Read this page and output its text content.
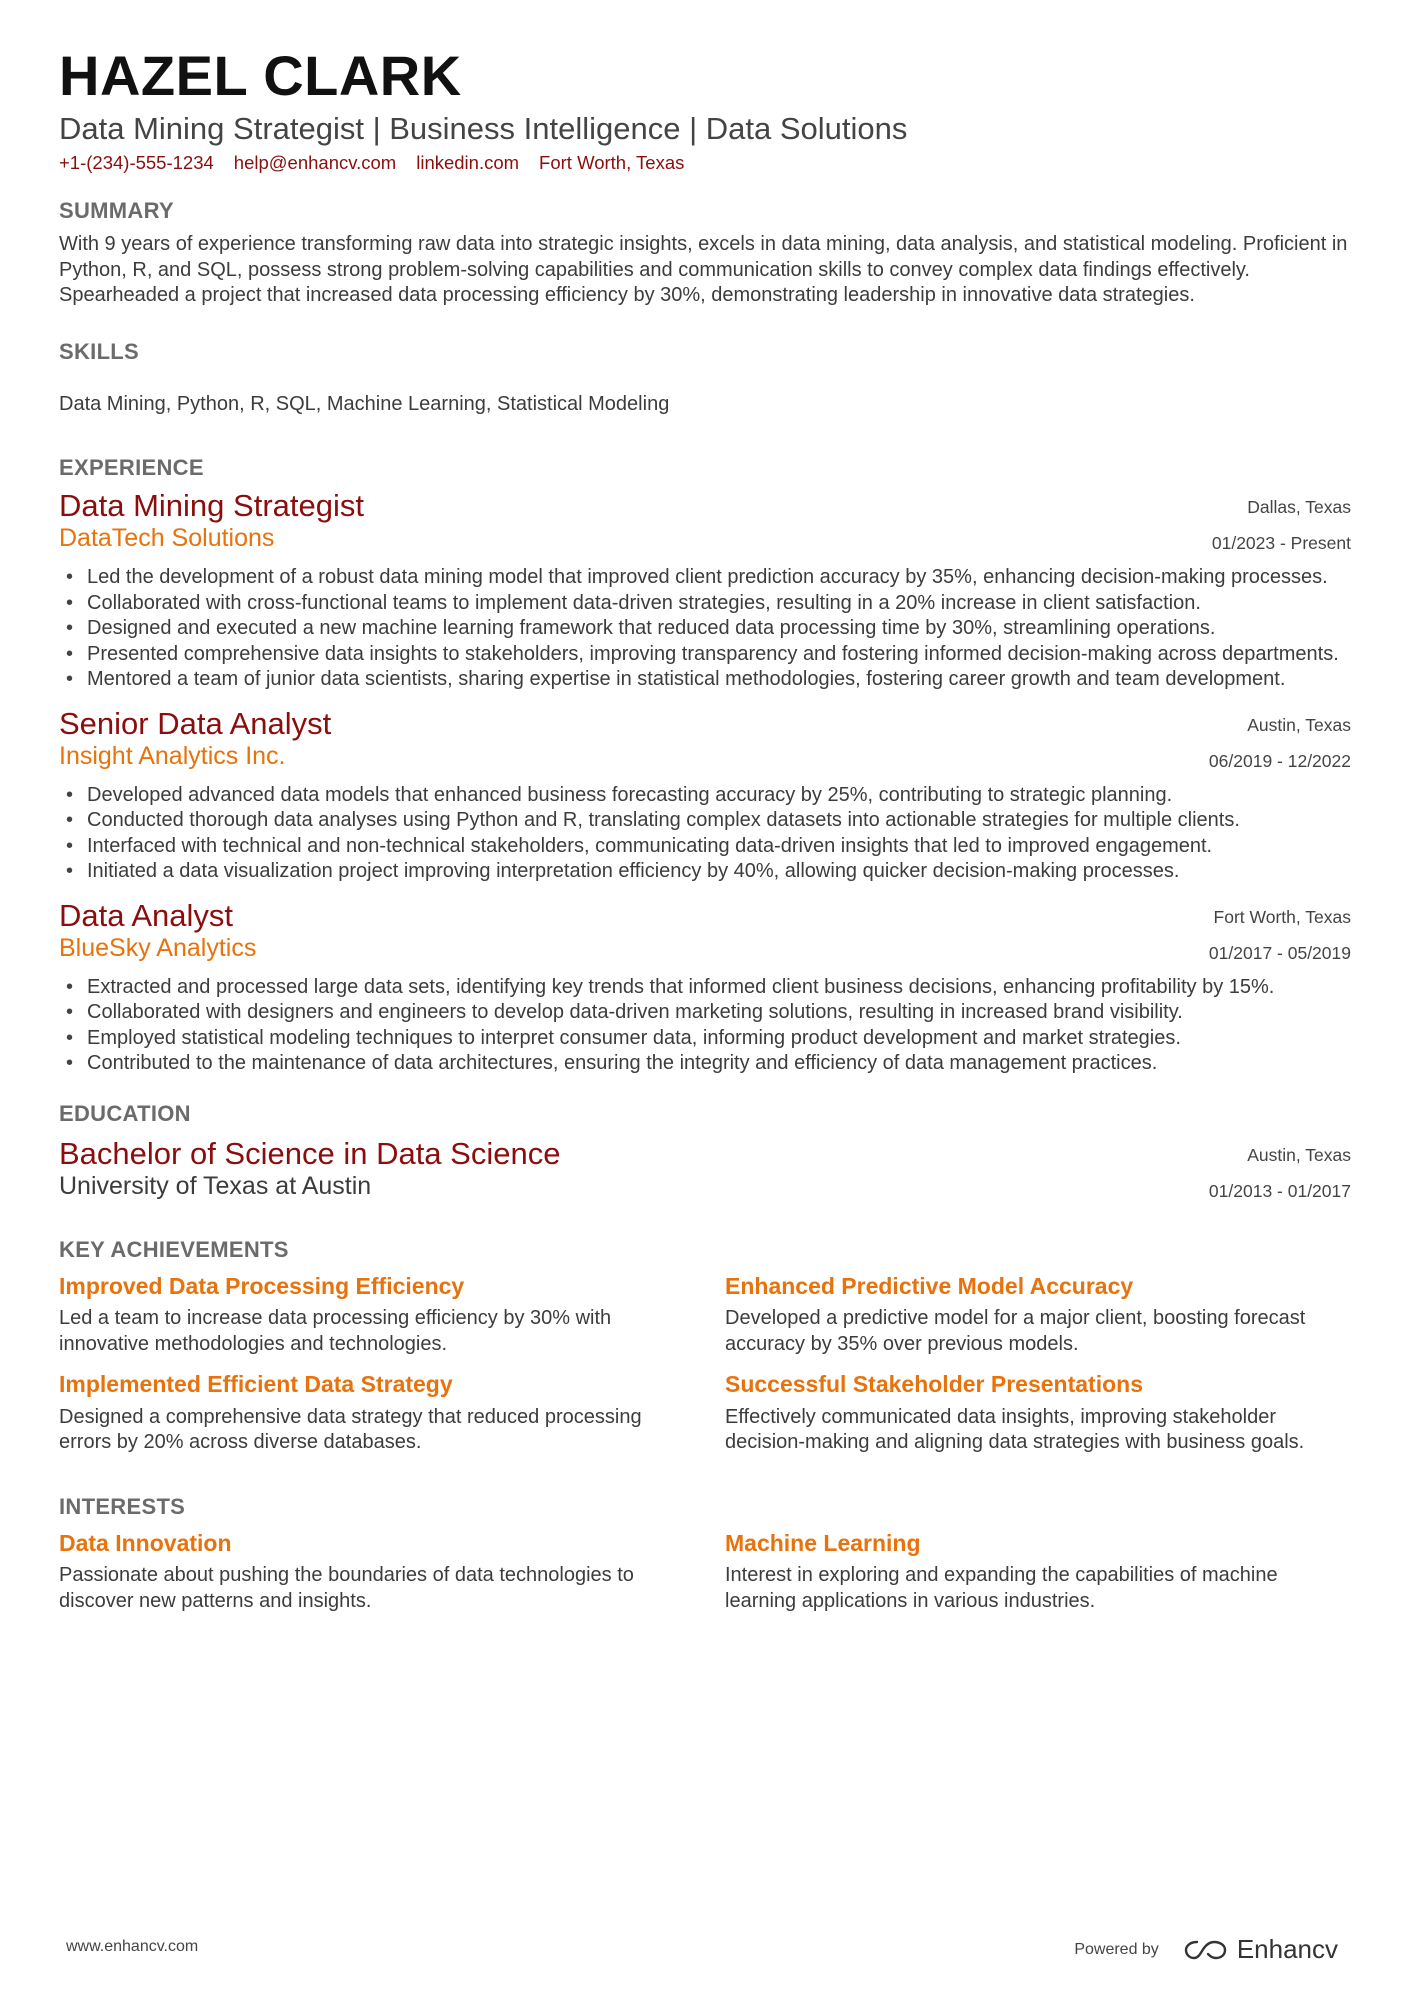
HAZEL CLARK
Data Mining Strategist | Business Intelligence | Data Solutions
+1-(234)-555-1234 help@enhancv.com linkedin.com Fort Worth, Texas
SUMMARY
With 9 years of experience transforming raw data into strategic insights, excels in data mining, data analysis, and statistical modeling. Proficient in Python, R, and SQL, possess strong problem-solving capabilities and communication skills to convey complex data findings effectively. Spearheaded a project that increased data processing efficiency by 30%, demonstrating leadership in innovative data strategies.
SKILLS
Data Mining, Python, R, SQL, Machine Learning, Statistical Modeling
EXPERIENCE
Data Mining Strategist
DataTech Solutions
Dallas, Texas
01/2023 - Present
• Led the development of a robust data mining model that improved client prediction accuracy by 35%, enhancing decision-making processes.
• Collaborated with cross-functional teams to implement data-driven strategies, resulting in a 20% increase in client satisfaction.
• Designed and executed a new machine learning framework that reduced data processing time by 30%, streamlining operations.
• Presented comprehensive data insights to stakeholders, improving transparency and fostering informed decision-making across departments.
• Mentored a team of junior data scientists, sharing expertise in statistical methodologies, fostering career growth and team development.
Senior Data Analyst
Insight Analytics Inc.
Austin, Texas
06/2019 - 12/2022
• Developed advanced data models that enhanced business forecasting accuracy by 25%, contributing to strategic planning.
• Conducted thorough data analyses using Python and R, translating complex datasets into actionable strategies for multiple clients.
• Interfaced with technical and non-technical stakeholders, communicating data-driven insights that led to improved engagement.
• Initiated a data visualization project improving interpretation efficiency by 40%, allowing quicker decision-making processes.
Data Analyst
BlueSky Analytics
Fort Worth, Texas
01/2017 - 05/2019
• Extracted and processed large data sets, identifying key trends that informed client business decisions, enhancing profitability by 15%.
• Collaborated with designers and engineers to develop data-driven marketing solutions, resulting in increased brand visibility.
• Employed statistical modeling techniques to interpret consumer data, informing product development and market strategies.
• Contributed to the maintenance of data architectures, ensuring the integrity and efficiency of data management practices.
EDUCATION
Bachelor of Science in Data Science
University of Texas at Austin
Austin, Texas
01/2013 - 01/2017
KEY ACHIEVEMENTS
Improved Data Processing Efficiency
Led a team to increase data processing efficiency by 30% with innovative methodologies and technologies.
Enhanced Predictive Model Accuracy
Developed a predictive model for a major client, boosting forecast accuracy by 35% over previous models.
Implemented Efficient Data Strategy
Designed a comprehensive data strategy that reduced processing errors by 20% across diverse databases.
Successful Stakeholder Presentations
Effectively communicated data insights, improving stakeholder decision-making and aligning data strategies with business goals.
INTERESTS
Data Innovation
Passionate about pushing the boundaries of data technologies to discover new patterns and insights.
Machine Learning
Interest in exploring and expanding the capabilities of machine learning applications in various industries.
www.enhancv.com	Powered by	Enhancv
